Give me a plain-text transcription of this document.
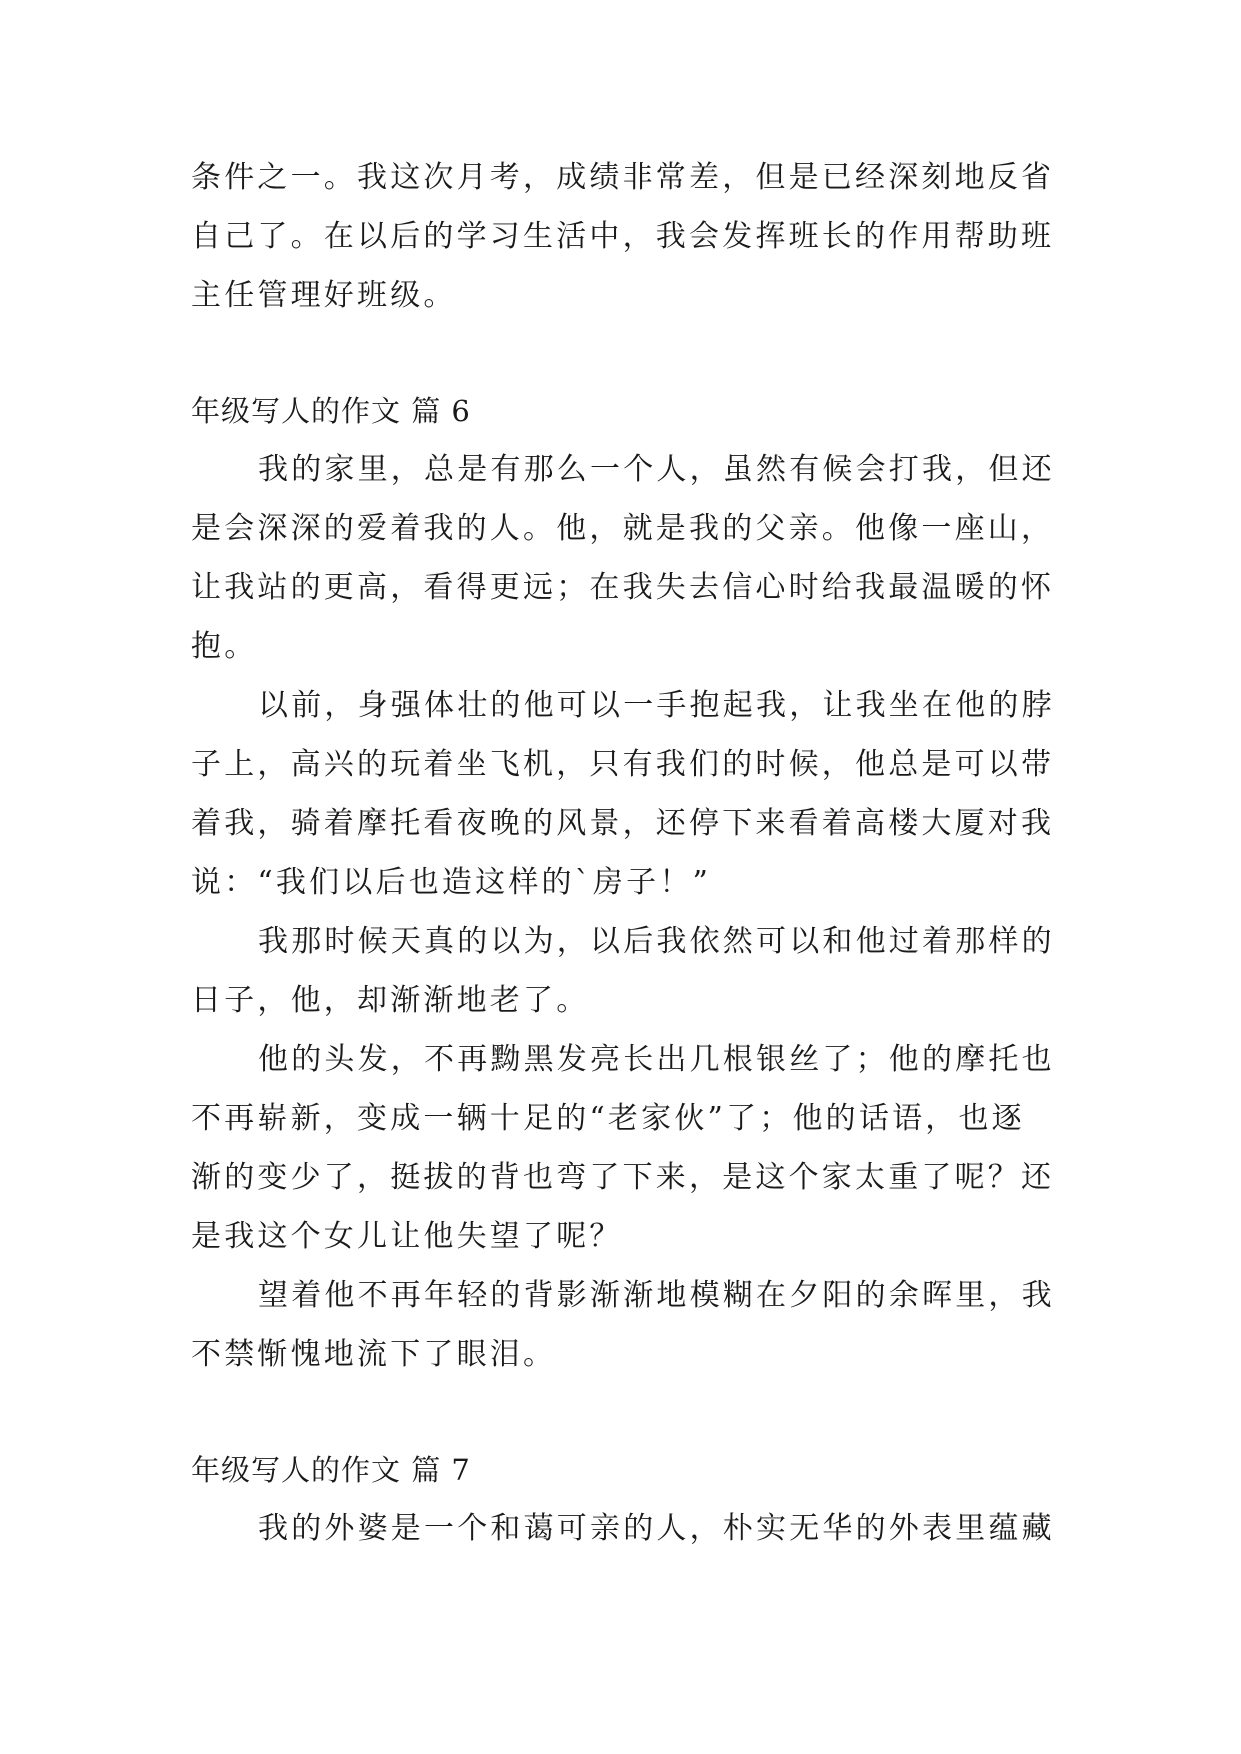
条件之一。我这次月考，成绩非常差，但是已经深刻地反省
自己了。在以后的学习生活中，我会发挥班长的作用帮助班
主任管理好班级。
年级写人的作文 篇 6
我的家里，总是有那么一个人，虽然有候会打我，但还
是会深深的爱着我的人。他，就是我的父亲。他像一座山，
让我站的更高，看得更远；在我失去信心时给我最温暖的怀
抱。
以前，身强体壮的他可以一手抱起我，让我坐在他的脖
子上，高兴的玩着坐飞机，只有我们的时候，他总是可以带
着我，骑着摩托看夜晚的风景，还停下来看着高楼大厦对我
说：“我们以后也造这样的`房子！”
我那时候天真的以为，以后我依然可以和他过着那样的
日子，他，却渐渐地老了。
他的头发，不再黝黑发亮长出几根银丝了；他的摩托也
不再崭新，变成一辆十足的“老家伙”了；他的话语，也逐
渐的变少了，挺拔的背也弯了下来，是这个家太重了呢？还
是我这个女儿让他失望了呢？
望着他不再年轻的背影渐渐地模糊在夕阳的余晖里，我
不禁惭愧地流下了眼泪。
年级写人的作文 篇 7
我的外婆是一个和蔼可亲的人，朴实无华的外表里蕴藏
